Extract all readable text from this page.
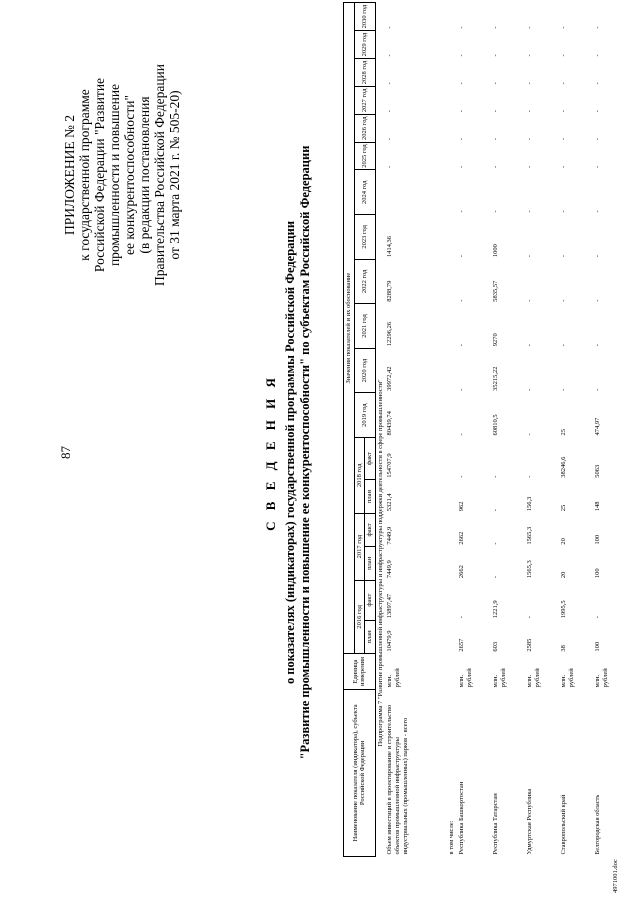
87
ПРИЛОЖЕНИЕ № 2 к государственной программе Российской Федерации "Развитие промышленности и повышение ее конкурентоспособности" (в редакции постановления Правительства Российской Федерации от 31 марта 2021 г. № 505-20)
С В Е Д Е Н И Я о показателях (индикаторах) государственной программы Российской Федерации "Развитие промышленности и повышение ее конкурентоспособности" по субъектам Российской Федерации
Наименование показателя (индикатора), субъекта Российской Федерации	Единица измерения	Значения показателей и их обоснование																	
		2016 год		2017 год		2018 год		2019 год	2020 год	2021 год	2022 год	2023 год	2024 год	2025 год	2026 год	2027 год	2028 год	2029 год	2030 год
		план	факт	план	факт	план	факт												
Подпрограмма 7 "Развитие промышленной инфраструктуры и инфраструктуры поддержки деятельности в сфере промышленности"																			
Объем инвестиций в проектирование и строительство объектов промышленной инфраструктуры индустриальных (промышленных) парков - всего	млн. рублей	10479,9	13897,47	7449,9	7449,9	5321,4	154707,9	80439,74	39972,42	12296,26	8288,79	1414,36		-	-	-	-	-	-
в том числе:																			
Республика Башкортостан	млн. рублей	2657	-	2662	2662	962	-	-	-	-	-	-	-	-	-	-	-	-	-
Республика Татарстан	млн. рублей	603	1221,9	-	-	-	-	60810,5	35215,22	9270	5835,57	1000	-	-	-	-	-	-	-
Удмуртская Республика	млн. рублей	2585	-	1565,3	1565,3	156,3	-	-	-	-	-	-	-	-	-	-	-	-	-
Ставропольский край	млн. рублей	38	1995,5	20	20	25	38246,6	25	-	-	-	-	-	-	-	-	-	-	-
Белгородская область	млн. рублей	100	-	100	100	148	5063	474,97	-	-	-	-	-	-	-	-	-	-	-
4971001.doc
